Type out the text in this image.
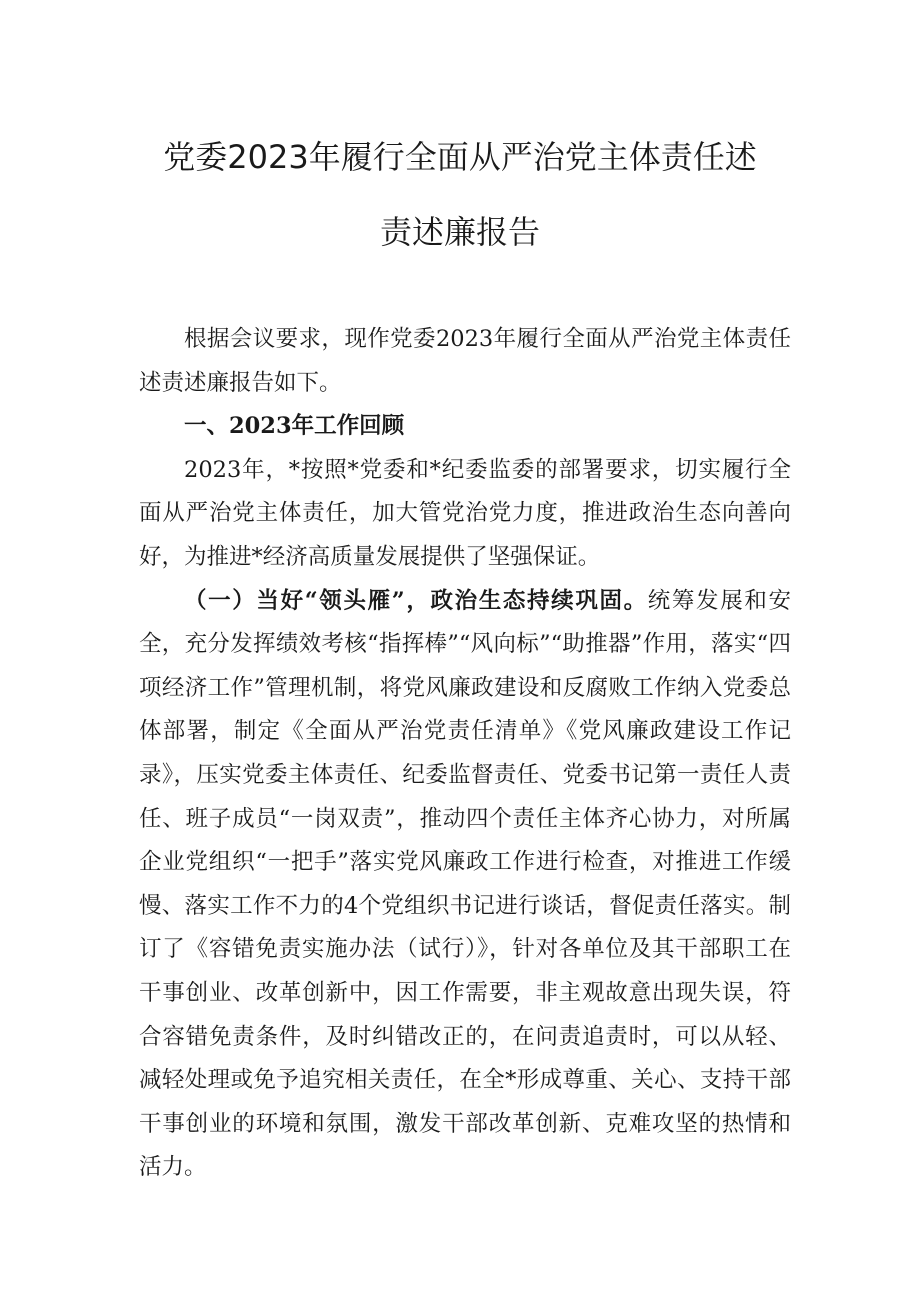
党委2023年履行全面从严治党主体责任述
责述廉报告

根据会议要求，现作党委2023年履行全面从严治党主体责任述责述廉报告如下。

一、2023年工作回顾

2023年，*按照*党委和*纪委监委的部署要求，切实履行全面从严治党主体责任，加大管党治党力度，推进政治生态向善向好，为推进*经济高质量发展提供了坚强保证。

（一）当好“领头雁”，政治生态持续巩固。统筹发展和安全，充分发挥绩效考核“指挥棒”“风向标”“助推器”作用，落实“四项经济工作”管理机制，将党风廉政建设和反腐败工作纳入党委总体部署，制定《全面从严治党责任清单》《党风廉政建设工作记录》，压实党委主体责任、纪委监督责任、党委书记第一责任人责任、班子成员“一岗双责”，推动四个责任主体齐心协力，对所属企业党组织“一把手”落实党风廉政工作进行检查，对推进工作缓慢、落实工作不力的4个党组织书记进行谈话，督促责任落实。制订了《容错免责实施办法（试行）》，针对各单位及其干部职工在干事创业、改革创新中，因工作需要，非主观故意出现失误，符合容错免责条件，及时纠错改正的，在问责追责时，可以从轻、减轻处理或免予追究相关责任，在全*形成尊重、关心、支持干部干事创业的环境和氛围，激发干部改革创新、克难攻坚的热情和活力。
